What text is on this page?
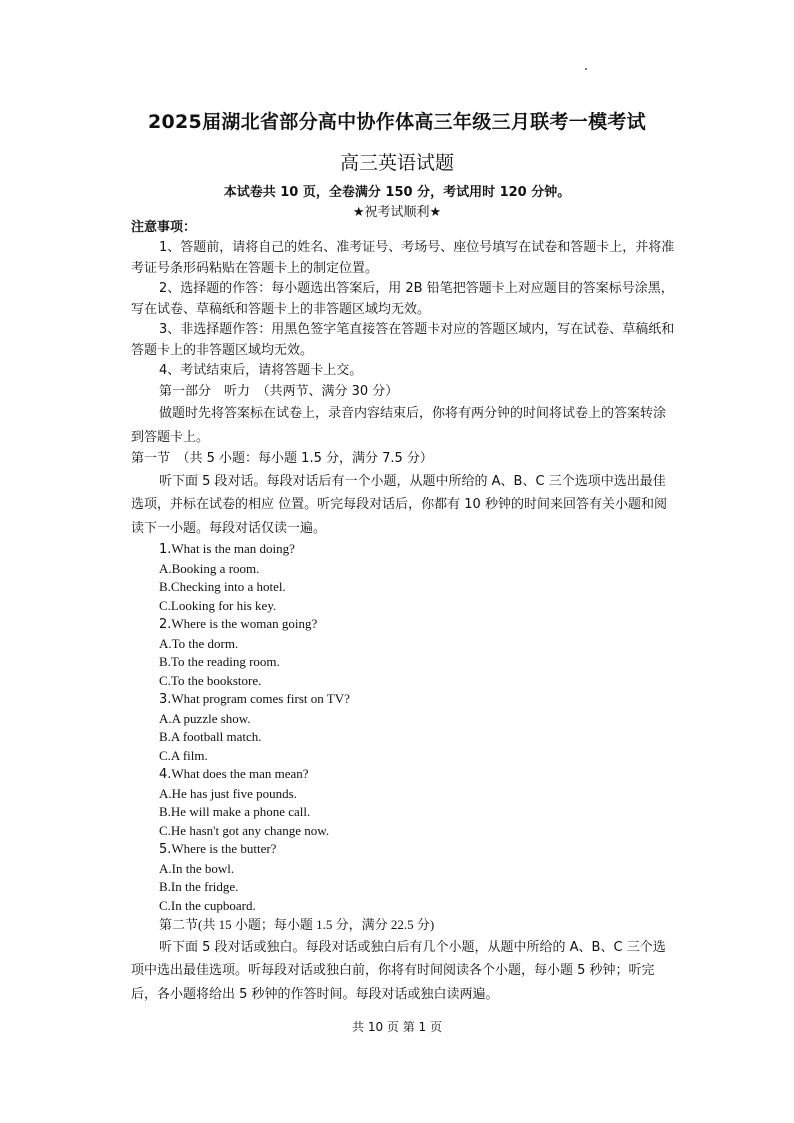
2025届湖北省部分高中协作体高三年级三月联考一模考试
高三英语试题
本试卷共 10 页，全卷满分 150 分，考试用时 120 分钟。
★祝考试顺利★

注意事项：

1、答题前，请将自己的姓名、准考证号、考场号、座位号填写在试卷和答题卡上，并将准考证号条形码粘贴在答题卡上的制定位置。

2、选择题的作答：每小题选出答案后，用 2B 铅笔把答题卡上对应题目的答案标号涂黑，写在试卷、草稿纸和答题卡上的非答题区域均无效。

3、非选择题作答：用黑色签字笔直接答在答题卡对应的答题区域内，写在试卷、草稿纸和答题卡上的非答题区域均无效。

4、考试结束后，请将答题卡上交。

第一部分　听力　（共两节、满分 30 分）

做题时先将答案标在试卷上，录音内容结束后，你将有两分钟的时间将试卷上的答案转涂到答题卡上。

第一节　（共 5 小题：每小题 1.5 分，满分 7.5 分）

听下面 5 段对话。每段对话后有一个小题，从题中所给的 A、B、C 三个选项中选出最佳选项，并标在试卷的相应 位置。听完每段对话后，你都有 10 秒钟的时间来回答有关小题和阅读下一小题。每段对话仅读一遍。

1.What is the man doing?
A.Booking a room.
B.Checking into a hotel.
C.Looking for his key.
2.Where is the woman going?
A.To the dorm.
B.To the reading room.
C.To the bookstore.
3.What program comes first on TV?
A.A puzzle show.
B.A football match.
C.A film.
4.What does the man mean?
A.He has just five pounds.
B.He will make a phone call.
C.He hasn't got any change now.
5.Where is the butter?
A.In the bowl.
B.In the fridge.
C.In the cupboard.

第二节(共 15 小题；每小题 1.5 分，满分 22.5 分)

听下面 5 段对话或独白。每段对话或独白后有几个小题，从题中所给的 A、B、C 三个选项中选出最佳选项。听每段对话或独白前，你将有时间阅读各个小题，每小题 5 秒钟；听完后，各小题将给出 5 秒钟的作答时间。每段对话或独白读两遍。

共 10 页 第 1 页
